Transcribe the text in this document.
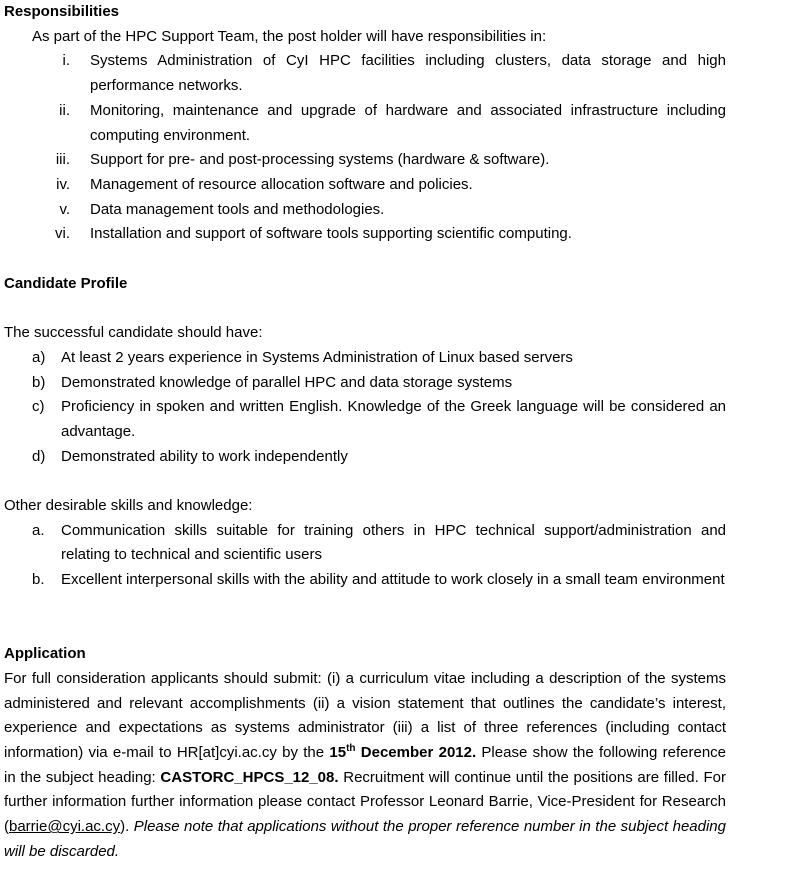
Responsibilities
As part of the HPC Support Team, the post holder will have responsibilities in:
i.	Systems Administration of CyI HPC facilities including clusters, data storage and high performance networks.
ii.	Monitoring, maintenance and upgrade of hardware and associated infrastructure including computing environment.
iii.	Support for pre- and post-processing systems (hardware & software).
iv.	Management of resource allocation software and policies.
v.	Data management tools and methodologies.
vi.	Installation and support of software tools supporting scientific computing.
Candidate Profile
The successful candidate should have:
a)	At least 2 years experience in Systems Administration of Linux based servers
b)	Demonstrated knowledge of parallel HPC and data storage systems
c)	Proficiency in spoken and written English. Knowledge of the Greek language will be considered an advantage.
d)	Demonstrated ability to work independently
Other desirable skills and knowledge:
a.	Communication skills suitable for training others in HPC technical support/administration and relating to technical and scientific users
b.	Excellent interpersonal skills with the ability and attitude to work closely in a small team environment
Application
For full consideration applicants should submit: (i) a curriculum vitae including a description of the systems administered and relevant accomplishments (ii) a vision statement that outlines the candidate’s interest, experience and expectations as systems administrator (iii) a list of three references (including contact information) via e-mail to HR[at]cyi.ac.cy by the 15th December 2012. Please show the following reference in the subject heading: CASTORC_HPCS_12_08. Recruitment will continue until the positions are filled. For further information further information please contact Professor Leonard Barrie, Vice-President for Research (barrie@cyi.ac.cy). Please note that applications without the proper reference number in the subject heading will be discarded.
